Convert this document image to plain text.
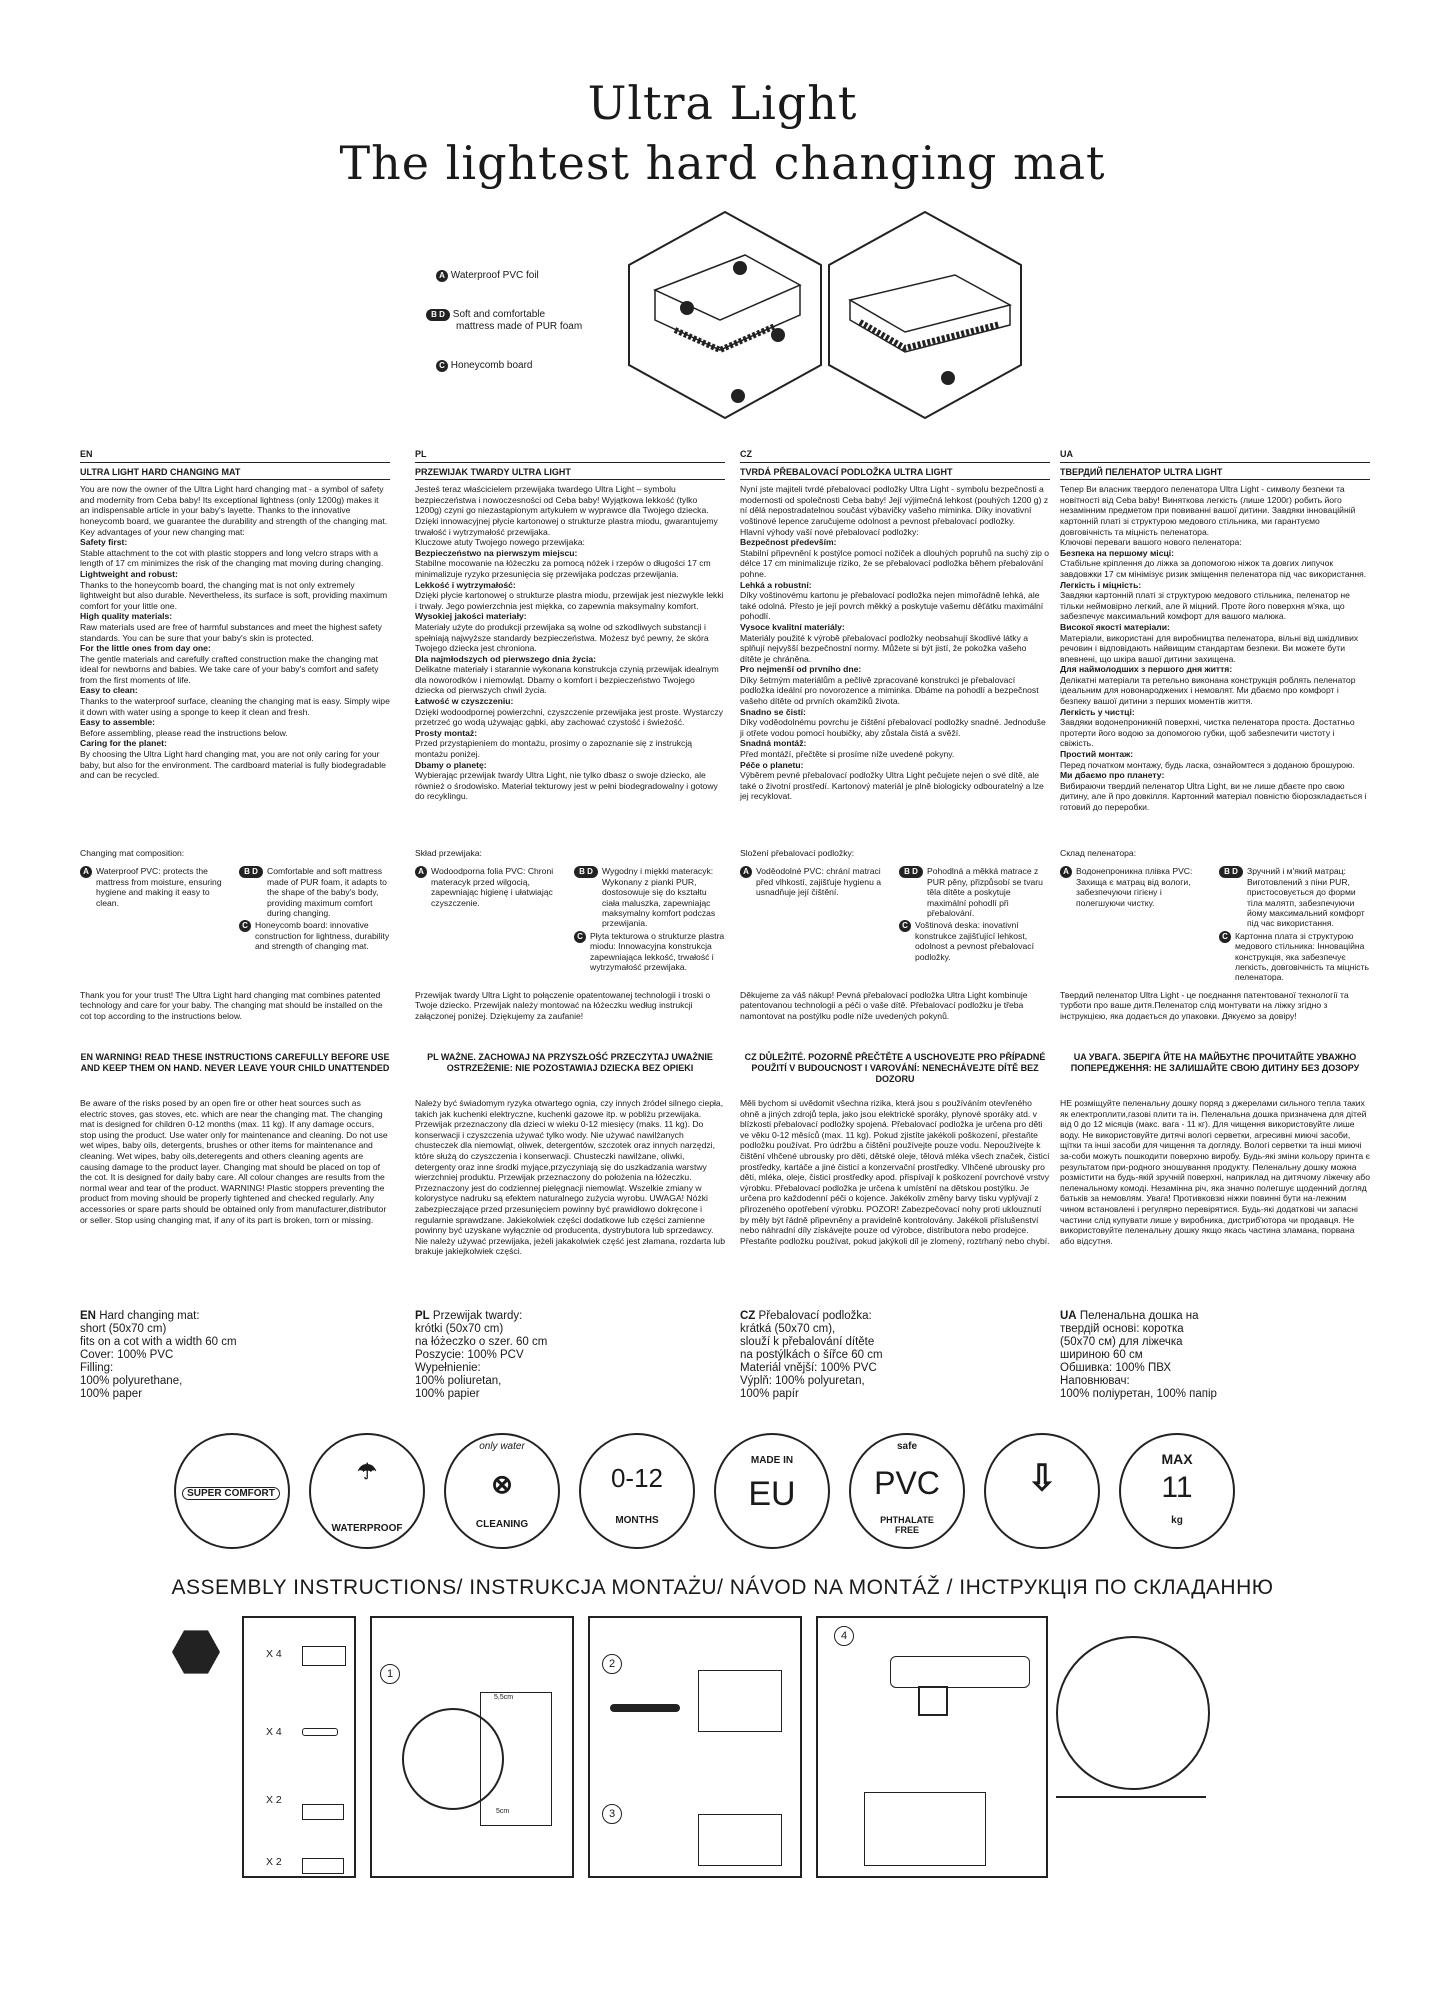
Ultra Light
The lightest hard changing mat
A Waterproof PVC foil
B D Soft and comfortable
mattress made of PUR foam
C Honeycomb board
EN
ULTRA LIGHT HARD CHANGING MAT

You are now the owner of the Ultra Light hard changing mat - a symbol of safety and modernity from Ceba baby! Its exceptional lightness (only 1200g) makes it an indispensable article in your baby's layette. Thanks to the innovative honeycomb board, we guarantee the durability and strength of the changing mat.

Key advantages of your new changing mat:

Safety first:

Stable attachment to the cot with plastic stoppers and long velcro straps with a length of 17 cm minimizes the risk of the changing mat moving during changing.

Lightweight and robust:

Thanks to the honeycomb board, the changing mat is not only extremely lightweight but also durable. Nevertheless, its surface is soft, providing maximum comfort for your little one.

High quality materials:

Raw materials used are free of harmful substances and meet the highest safety standards. You can be sure that your baby's skin is protected.

For the little ones from day one:

The gentle materials and carefully crafted construction make the changing mat ideal for newborns and babies. We take care of your baby's comfort and safety from the first moments of life.

Easy to clean:

Thanks to the waterproof surface, cleaning the changing mat is easy. Simply wipe it down with water using a sponge to keep it clean and fresh.

Easy to assemble:

Before assembling, please read the instructions below.

Caring for the planet:

By choosing the Ultra Light hard changing mat, you are not only caring for your baby, but also for the environment. The cardboard material is fully biodegradable and can be recycled.

PL
PRZEWIJAK TWARDY ULTRA LIGHT

Jesteś teraz właścicielem przewijaka twardego Ultra Light – symbolu bezpieczeństwa i nowoczesności od Ceba baby! Wyjątkowa lekkość (tylko 1200g) czyni go niezastąpionym artykułem w wyprawce dla Twojego dziecka. Dzięki innowacyjnej płycie kartonowej o strukturze plastra miodu, gwarantujemy trwałość i wytrzymałość przewijaka.

Kluczowe atuty Twojego nowego przewijaka:

Bezpieczeństwo na pierwszym miejscu:

Stabilne mocowanie na łóżeczku za pomocą nóżek i rzepów o długości 17 cm minimalizuje ryzyko przesunięcia się przewijaka podczas przewijania.

Lekkość i wytrzymałość:

Dzięki płycie kartonowej o strukturze plastra miodu, przewijak jest niezwykle lekki i trwały. Jego powierzchnia jest miękka, co zapewnia maksymalny komfort.

Wysokiej jakości materiały:

Materiały użyte do produkcji przewijaka są wolne od szkodliwych substancji i spełniają najwyższe standardy bezpieczeństwa. Możesz być pewny, że skóra Twojego dziecka jest chroniona.

Dla najmłodszych od pierwszego dnia życia:

Delikatne materiały i starannie wykonana konstrukcja czynią przewijak idealnym dla noworodków i niemowląt. Dbamy o komfort i bezpieczeństwo Twojego dziecka od pierwszych chwil życia.

Łatwość w czyszczeniu:

Dzięki wodoodpornej powierzchni, czyszczenie przewijaka jest proste. Wystarczy przetrzeć go wodą używając gąbki, aby zachować czystość i świeżość.

Prosty montaż:

Przed przystąpieniem do montażu, prosimy o zapoznanie się z instrukcją montażu poniżej.

Dbamy o planetę:

Wybierając przewijak twardy Ultra Light, nie tylko dbasz o swoje dziecko, ale również o środowisko. Materiał tekturowy jest w pełni biodegradowalny i gotowy do recyklingu.

CZ
TVRDÁ PŘEBALOVACÍ PODLOŽKA ULTRA LIGHT

Nyní jste majiteli tvrdé přebalovací podložky Ultra Light - symbolu bezpečnosti a modernosti od společnosti Ceba baby! Její výjimečná lehkost (pouhých 1200 g) z ní dělá nepostradatelnou součást výbavičky vašeho miminka. Díky inovativní voštinové lepence zaručujeme odolnost a pevnost přebalovací podložky.

Hlavní výhody vaší nové přebalovací podložky:

Bezpečnost především:

Stabilní připevnění k postýlce pomocí nožiček a dlouhých popruhů na suchý zip o délce 17 cm minimalizuje riziko, že se přebalovací podložka během přebalování pohne.

Lehká a robustní:

Díky voštinovému kartonu je přebalovací podložka nejen mimořádně lehká, ale také odolná. Přesto je její povrch měkký a poskytuje vašemu děťátku maximální pohodlí.

Vysoce kvalitní materiály:

Materiály použité k výrobě přebalovací podložky neobsahují škodlivé látky a splňují nejvyšší bezpečnostní normy. Můžete si být jistí, že pokožka vašeho dítěte je chráněna.

Pro nejmenší od prvního dne:

Díky šetrným materiálům a pečlivě zpracované konstrukci je přebalovací podložka ideální pro novorozence a miminka. Dbáme na pohodlí a bezpečnost vašeho dítěte od prvních okamžiků života.

Snadno se čistí:

Díky voděodolnému povrchu je čištění přebalovací podložky snadné. Jednoduše ji otřete vodou pomocí houbičky, aby zůstala čistá a svěží.

Snadná montáž:

Před montáží, přečtěte si prosíme níže uvedené pokyny.

Péče o planetu:

Výběrem pevné přebalovací podložky Ultra Light pečujete nejen o své dítě, ale také o životní prostředí. Kartonový materiál je plně biologicky odbouratelný a lze jej recyklovat.

UA
ТВЕРДИЙ ПЕЛЕНАТОР ULTRA LIGHT

Тепер Ви власник твердого пеленатора Ultra Light - символу безпеки та новітності від Ceba baby! Винятковa легкість (лише 1200г) робить його незамінним предметом при повиванні вашої дитини. Завдяки інноваційній картонній платі зі структурою медового стільника, ми гарантуємо довговічність та міцність пеленатора.

Ключові переваги вашого нового пеленатора:

Безпека на першому місці:

Стабільне кріплення до ліжка за допомогою ніжок та довгих липучок завдовжки 17 см мінімізує ризик зміщення пеленатора під час використання.

Легкість і міцність:

Завдяки картонній платі зі структурою медового стільника, пеленатор не тільки неймовірно легкий, але й міцний. Проте його поверхня м'яка, що забезпечує максимальний комфорт для вашого малюка.

Високої якості матеріали:

Матеріали, використані для виробництва пеленатора, вільні від шкідливих речовин і відповідають найвищим стандартам безпеки. Ви можете бути впевнені, що шкіра вашої дитини захищена.

Для наймолодших з першого дня життя:

Делікатні матеріали та ретельно виконана конструкція роблять пеленатор ідеальним для новонароджених і немовлят. Ми дбаємо про комфорт і безпеку вашої дитини з перших моментів життя.

Легкість у чистці:

Завдяки водонепроникній поверхні, чистка пеленатора проста. Достатньо протерти його водою за допомогою губки, щоб забезпечити чистоту і свіжість.

Простий монтаж:

Перед початком монтажу, будь ласка, ознайомтеся з доданою брошурою.

Ми дбаємо про планету:

Вибираючи твердий пеленатор Ultra Light, ви не лише дбаєте про свою дитину, але й про довкілля. Картонний матеріал повністю біорозкладається і готовий до переробки.

Changing mat composition:
A Waterproof PVC: protects the mattress from moisture, ensuring hygiene and making it easy to clean.
B D	Comfortable and soft mattress made of PUR foam, it adapts to the shape of the baby's body, providing maximum comfort during changing.
C Honeycomb board: innovative construction for lightness, durability and strength of changing mat.
Skład przewijaka:
A Wodoodporna folia PVC: Chroni materacyk przed wilgocią, zapewniając higienę i ułatwiając czyszczenie.
B D	Wygodny i miękki materacyk: Wykonany z pianki PUR, dostosowuje się do kształtu ciała maluszka, zapewniając maksymalny komfort podczas przewijania.
C Płyta tekturowa o strukturze plastra miodu: Innowacyjna konstrukcja zapewniająca lekkość, trwałość i wytrzymałość przewijaka.
Složení přebalovací podložky:
A Voděodolné PVC: chrání matraci před vlhkostí, zajišťuje hygienu a usnadňuje její čištění.
B D	Pohodlná a měkká matrace z PUR pěny, přizpůsobí se tvaru těla dítěte a poskytuje maximální pohodlí při přebalování.
C Voštinová deska: inovativní konstrukce zajišťující lehkost, odolnost a pevnost přebalovací podložky.
Склад пеленатора:
A Водонепроникна плівка PVC: Захища є матрац від вологи, забезпечуючи гігієну і полегшуючи чистку.
B D	Зручний і м'який матрац: Виготовлений з піни PUR, пристосовується до форми тіла малятп, забезпечуючи йому максимальний комфорт під час використання.
C Картонна плата зі структурою медового стільника: Інноваційна конструкція, яка забезпечує легкість, довговічність та міцність пеленатора.
Thank you for your trust! The Ultra Light hard changing mat combines patented technology and care for your baby. The changing mat should be installed on the cot top according to the instructions below.
Przewijak twardy Ultra Light to połączenie opatentowanej technologii i troski o Twoje dziecko. Przewijak należy montować na łóżeczku według instrukcji załączonej poniżej. Dziękujemy za zaufanie!
Děkujeme za váš nákup! Pevná přebalovací podložka Ultra Light kombinuje patentovanou technologii a péči o vaše dítě. Přebalovací podložku je třeba namontovat na postýlku podle níže uvedených pokynů.
Твердий пеленатор Ultra Light - це поєднання патентованої технології та турботи про ваше дитя.Пеленатор слід монтувати на ліжку згідно з інструкцією, яка додається до упаковки. Дякуємо за довіру!
EN WARNING! READ THESE INSTRUCTIONS CAREFULLY BEFORE USE AND KEEP THEM ON HAND. NEVER LEAVE YOUR CHILD UNATTENDED
PL WAŻNE. ZACHOWAJ NA PRZYSZŁOŚĆ PRZECZYTAJ UWAŻNIE OSTRZEŻENIE: NIE POZOSTAWIAJ DZIECKA BEZ OPIEKI
CZ DŮLEŽITÉ. POZORNĚ PŘEČTĚTE A USCHOVEJTE PRO PŘÍPADNÉ POUŽITÍ V BUDOUCNOST I VAROVÁNÍ: NENECHÁVEJTE DÍTĚ BEZ DOZORU
UA УВАГА. ЗБЕРІГА ЙТЕ НА МАЙБУТНЄ ПРОЧИТАЙТЕ УВАЖНО ПОПЕРЕДЖЕННЯ: НЕ ЗАЛИШАЙТЕ СВОЮ ДИТИНУ БЕЗ ДОЗОРУ
Be aware of the risks posed by an open fire or other heat sources such as electric stoves, gas stoves, etc. which are near the changing mat. The changing mat is designed for children 0-12 months (max. 11 kg). If any damage occurs, stop using the product. Use water only for maintenance and cleaning. Do not use wet wipes, baby oils, detergents, brushes or other items for maintenance and cleaning. Wet wipes, baby oils,deteregents and others cleaning agents are causing damage to the product layer. Changing mat should be placed on top of the cot. It is designed for daily baby care. All colour changes are results from the normal wear and tear of the product. WARNING! Plastic stoppers preventing the product from moving should be properly tightened and checked regularly. Any accessories or spare parts should be obtained only from manufacturer,distributor or seller. Stop using changing mat, if any of its part is broken, torn or missing.
Należy być świadomym ryzyka otwartego ognia, czy innych źródeł silnego ciepła, takich jak kuchenki elektryczne, kuchenki gazowe itp. w pobliżu przewijaka. Przewijak przeznaczony dla dzieci w wieku 0-12 miesięcy (maks. 11 kg). Do konserwacji i czyszczenia używać tylko wody. Nie używać nawilżanych chusteczek dla niemowląt, oliwek, detergentów, szczotek oraz innych narzędzi, które służą do czyszczenia i konserwacji. Chusteczki nawilżane, oliwki, detergenty oraz inne środki myjące,przyczyniają się do uszkadzania warstwy wierzchniej produktu. Przewijak przeznaczony do położenia na łóżeczku. Przeznaczony jest do codziennej pielęgnacji niemowląt. Wszelkie zmiany w kolorystyce nadruku są efektem naturalnego zużycia wyrobu. UWAGA! Nóżki zabezpieczające przed przesunięciem powinny być prawidłowo dokręcone i regularnie sprawdzane. Jakiekolwiek części dodatkowe lub części zamienne powinny być uzyskane wyłącznie od producenta, dystrybutora lub sprzedawcy. Nie należy używać przewijaka, jeżeli jakakolwiek część jest złamana, rozdarta lub brakuje jakiejkolwiek części.
Měli bychom si uvědomit všechna rizika, která jsou s používáním otevřeného ohně a jiných zdrojů tepla, jako jsou elektrické sporáky, plynové sporáky atd. v blízkosti přebalovací podložky spojená. Přebalovací podložka je určena pro děti ve věku 0-12 měsíců (max. 11 kg). Pokud zjistíte jakékoli poškození, přestaňte podložku používat. Pro údržbu a čištění používejte pouze vodu. Nepoužívejte k čištění vlhčené ubrousky pro děti, dětské oleje, tělová mléka všech značek, čisticí prostředky, kartáče a jiné čisticí a konzervační prostředky. Vlhčené ubrousky pro děti, mléka, oleje, čisticí prostředky apod. přispívají k poškození povrchové vrstvy výrobku. Přebalovací podložka je určena k umístění na dětskou postýlku. Je určena pro každodenní péči o kojence. Jakékoliv změny barvy tisku vyplývají z přirozeného opotřebení výrobku. POZOR! Zabezpečovací nohy proti uklouznutí by měly být řádně připevněny a pravidelně kontrolovány. Jakékoli příslušenství nebo náhradní díly získávejte pouze od výrobce, distributora nebo prodejce. Přestaňte podložku používat, pokud jakýkoli díl je zlomený, roztrhaný nebo chybí.
НЕ розміщуйте пеленальну дошку поряд з джерелами сильного тепла таких як електроплити,газові плити та ін. Пеленальна дошка призначена для дітей від 0 до 12 місяців (макс. вага - 11 кг). Для чищення використовуйте лише воду. Не використовуйте дитячі вологі серветки, агресивні миючі засоби, щітки та інші засоби для чищення та догляду. Вологі серветки та інші миючі за-соби можуть пошкодити поверхню виробу. Будь-які зміни кольору принта є результатом при-родного зношування продукту. Пеленальну дошку можна розмістити на будь-якій зручній поверхні, наприклад на дитячому ліжечку або пеленальному комоді. Незамінна річ, яка значно полегшує щоденний догляд батьків за немовлям. Увага! Противковзкі ніжки повинні бути на-лежним чином встановлені і регулярно перевірятися. Будь-які додаткові чи запасні частини слід купувати лише у виробника, дистриб'ютора чи продавця. Не використовуйте пеленальну дошку якщо якась частина зламана, порвана або відсутня.
EN Hard changing mat:
short (50x70 cm)
fits on a cot with a width 60 cm
Cover: 100% PVC
Filling:
100% polyurethane,
100% paper
PL Przewijak twardy:
krótki (50x70 cm)
na łóżeczko o szer. 60 cm
Poszycie: 100% PCV
Wypełnienie:
100% poliuretan,
100% papier
CZ Přebalovací podložka:
krátká (50x70 cm),
slouží k přebalování dítěte
na postýlkách o šířce 60 cm
Materiál vnější: 100% PVC
Výplň: 100% polyuretan,
100% papír
UA Пеленальна дошка на
твердій основі: коротка
(50x70 см) для ліжечка
шириною 60 см
Обшивка: 100% ПВХ
Наповнювач:
100% поліуретан, 100% папір
SUPER COMFORT
☂
WATERPROOF
only water
⊗
CLEANING
0-12
MONTHS
MADE IN
EU
safe
PVC
PHTHALATE FREE
⇩	MAX
11
kg
ASSEMBLY INSTRUCTIONS/ INSTRUKCJA MONTAŻU/ NÁVOD NA MONTÁŽ / ІНСТРУКЦІЯ ПО СКЛАДАННЮ
X 4
X 4
X 2
X 2
1
5,5cm
5cm
2
3
4
